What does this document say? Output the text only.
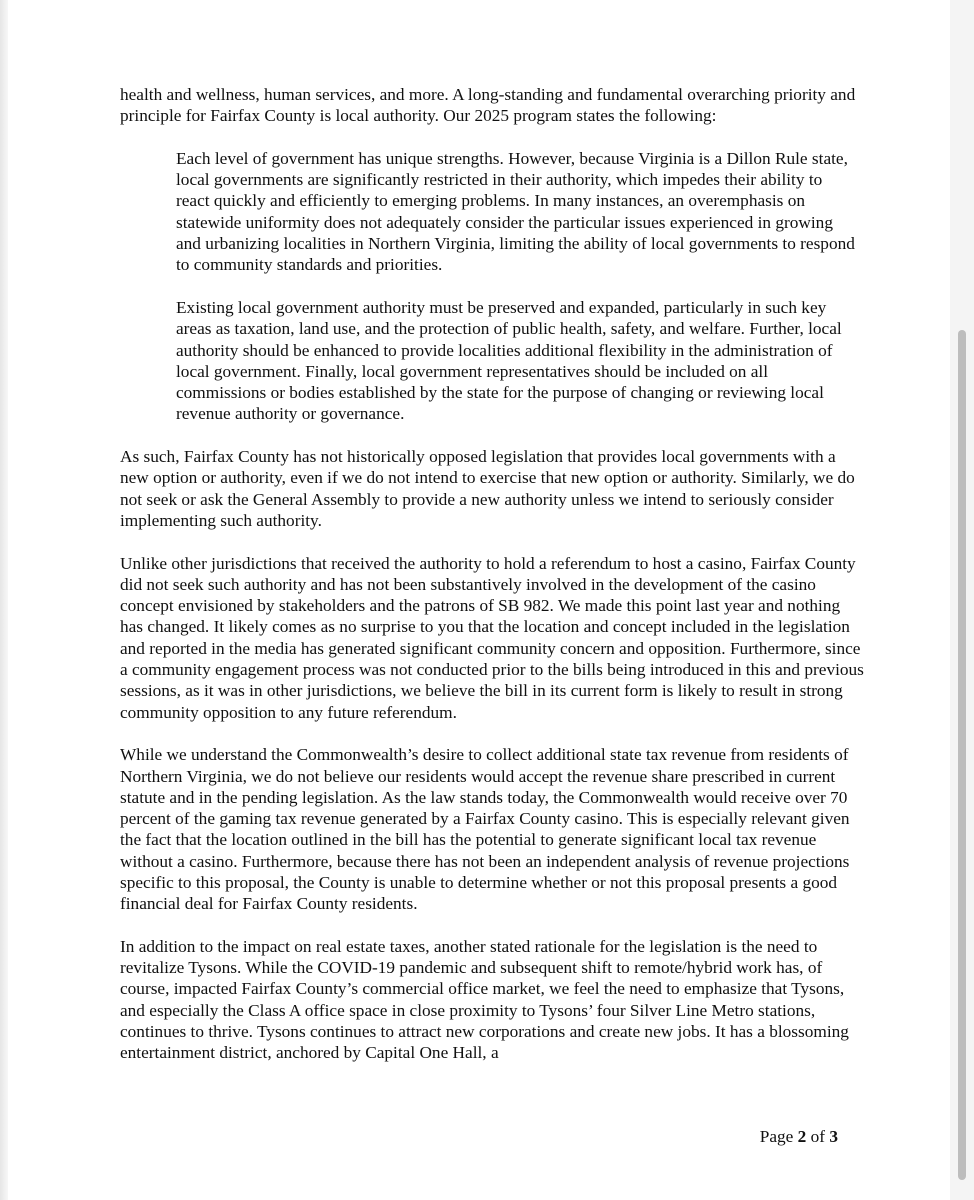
health and wellness, human services, and more. A long-standing and fundamental overarching priority and principle for Fairfax County is local authority. Our 2025 program states the following:

Each level of government has unique strengths. However, because Virginia is a Dillon Rule state, local governments are significantly restricted in their authority, which impedes their ability to react quickly and efficiently to emerging problems. In many instances, an overemphasis on statewide uniformity does not adequately consider the particular issues experienced in growing and urbanizing localities in Northern Virginia, limiting the ability of local governments to respond to community standards and priorities.

Existing local government authority must be preserved and expanded, particularly in such key areas as taxation, land use, and the protection of public health, safety, and welfare. Further, local authority should be enhanced to provide localities additional flexibility in the administration of local government. Finally, local government representatives should be included on all commissions or bodies established by the state for the purpose of changing or reviewing local revenue authority or governance.

As such, Fairfax County has not historically opposed legislation that provides local governments with a new option or authority, even if we do not intend to exercise that new option or authority. Similarly, we do not seek or ask the General Assembly to provide a new authority unless we intend to seriously consider implementing such authority.

Unlike other jurisdictions that received the authority to hold a referendum to host a casino, Fairfax County did not seek such authority and has not been substantively involved in the development of the casino concept envisioned by stakeholders and the patrons of SB 982. We made this point last year and nothing has changed. It likely comes as no surprise to you that the location and concept included in the legislation and reported in the media has generated significant community concern and opposition. Furthermore, since a community engagement process was not conducted prior to the bills being introduced in this and previous sessions, as it was in other jurisdictions, we believe the bill in its current form is likely to result in strong community opposition to any future referendum.

While we understand the Commonwealth’s desire to collect additional state tax revenue from residents of Northern Virginia, we do not believe our residents would accept the revenue share prescribed in current statute and in the pending legislation. As the law stands today, the Commonwealth would receive over 70 percent of the gaming tax revenue generated by a Fairfax County casino. This is especially relevant given the fact that the location outlined in the bill has the potential to generate significant local tax revenue without a casino. Furthermore, because there has not been an independent analysis of revenue projections specific to this proposal, the County is unable to determine whether or not this proposal presents a good financial deal for Fairfax County residents.

In addition to the impact on real estate taxes, another stated rationale for the legislation is the need to revitalize Tysons. While the COVID-19 pandemic and subsequent shift to remote/hybrid work has, of course, impacted Fairfax County’s commercial office market, we feel the need to emphasize that Tysons, and especially the Class A office space in close proximity to Tysons’ four Silver Line Metro stations, continues to thrive. Tysons continues to attract new corporations and create new jobs. It has a blossoming entertainment district, anchored by Capital One Hall, a

Page 2 of 3
